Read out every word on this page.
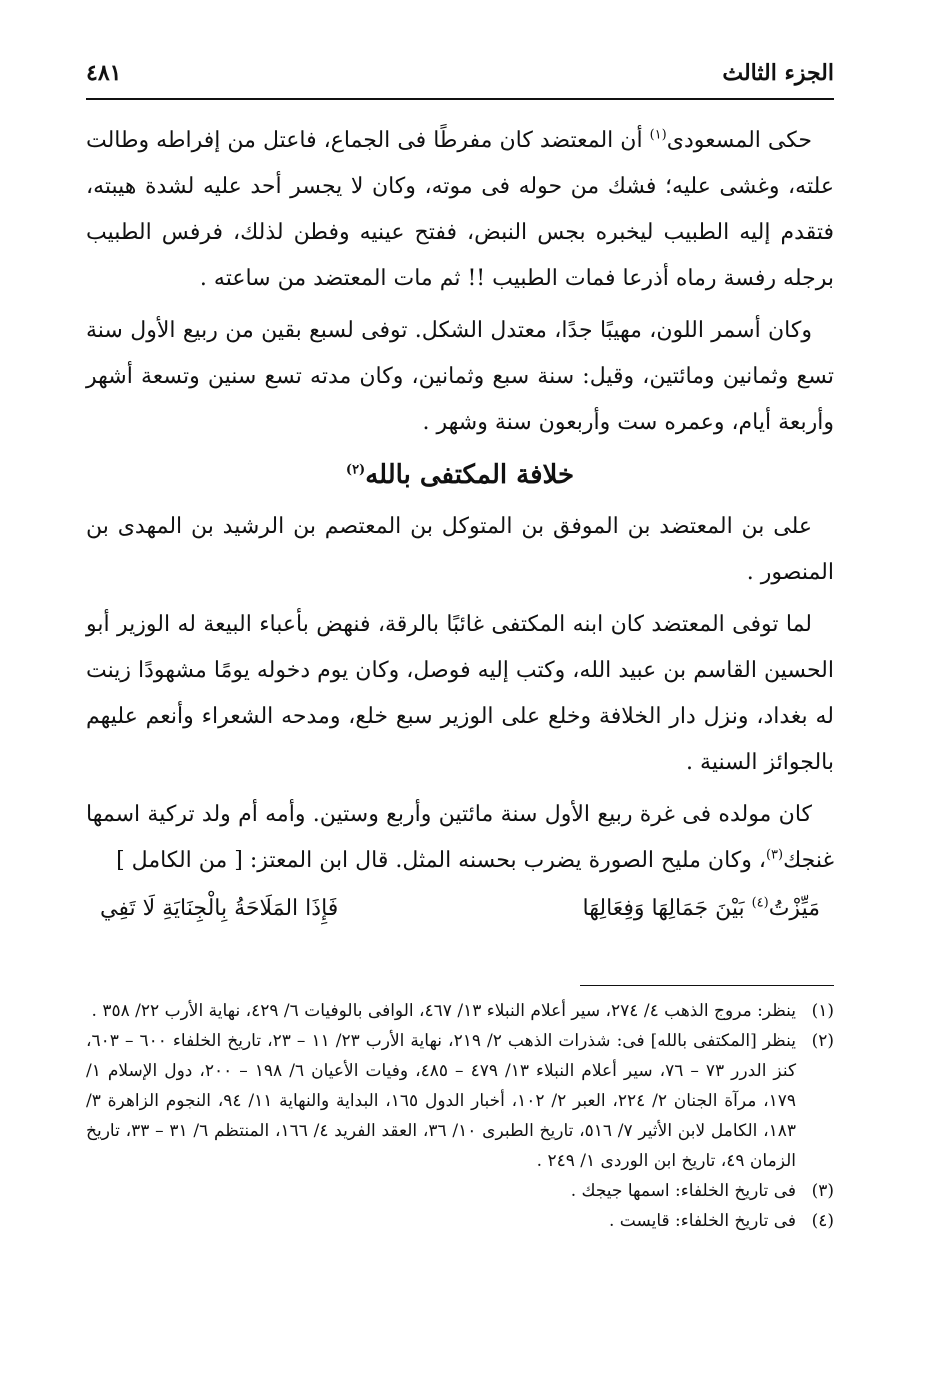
الجزء الثالث
٤٨١

حكى المسعودى$^{(١)}$ أن المعتضد كان مفرطًا فى الجماع، فاعتل من إفراطه وطالت علته، وغشى عليه؛ فشك من حوله فى موته، وكان لا يجسر أحد عليه لشدة هيبته، فتقدم إليه الطبيب ليخبره بجس النبض، ففتح عينيه وفطن لذلك، فرفس الطبيب برجله رفسة رماه أذرعا فمات الطبيب !! ثم مات المعتضد من ساعته .

وكان أسمر اللون، مهيبًا جدًا، معتدل الشكل. توفى لسبع بقين من ربيع الأول سنة تسع وثمانين ومائتين، وقيل: سنة سبع وثمانين، وكان مدته تسع سنين وتسعة أشهر وأربعة أيام، وعمره ست وأربعون سنة وشهر .

خلافة المكتفى بالله$^{(٢)}$

على بن المعتضد بن الموفق بن المتوكل بن المعتصم بن الرشيد بن المهدى بن المنصور .

لما توفى المعتضد كان ابنه المكتفى غائبًا بالرقة، فنهض بأعباء البيعة له الوزير أبو الحسين القاسم بن عبيد الله، وكتب إليه فوصل، وكان يوم دخوله يومًا مشهودًا زينت له بغداد، ونزل دار الخلافة وخلع على الوزير سبع خلع، ومدحه الشعراء وأنعم عليهم بالجوائز السنية .

كان مولده فى غرة ربيع الأول سنة مائتين وأربع وستين. وأمه أم ولد تركية اسمها غنجك$^{(٣)}$، وكان مليح الصورة يضرب بحسنه المثل. قال ابن المعتز: [ من الكامل ]

مَيِّزْتُ$^{(٤)}$ بَيْنَ جَمَالِهَا وَفِعَالِهَا
فَإِذَا المَلَاحَةُ بِالْجِنَايَةِ لَا تَفِي
(١)
ينظر: مروج الذهب ٤/ ٢٧٤، سير أعلام النبلاء ١٣/ ٤٦٧، الوافى بالوفيات ٦/ ٤٢٩، نهاية الأرب ٢٢/ ٣٥٨ .
(٢)
ينظر [المكتفى بالله] فى: شذرات الذهب ٢/ ٢١٩، نهاية الأرب ٢٣/ ١١ – ٢٣، تاريخ الخلفاء ٦٠٠ – ٦٠٣، كنز الدرر ٧٣ – ٧٦، سير أعلام النبلاء ١٣/ ٤٧٩ – ٤٨٥، وفيات الأعيان ٦/ ١٩٨ – ٢٠٠، دول الإسلام ١/ ١٧٩، مرآة الجنان ٢/ ٢٢٤، العبر ٢/ ١٠٢، أخبار الدول ١٦٥، البداية والنهاية ١١/ ٩٤، النجوم الزاهرة ٣/ ١٨٣، الكامل لابن الأثير ٧/ ٥١٦، تاريخ الطبرى ١٠/ ٣٦، العقد الفريد ٤/ ١٦٦، المنتظم ٦/ ٣١ – ٣٣، تاريخ الزمان ٤٩، تاريخ ابن الوردى ١/ ٢٤٩ .
(٣)
فى تاريخ الخلفاء: اسمها جيجك .
(٤)
فى تاريخ الخلفاء: قايست .
